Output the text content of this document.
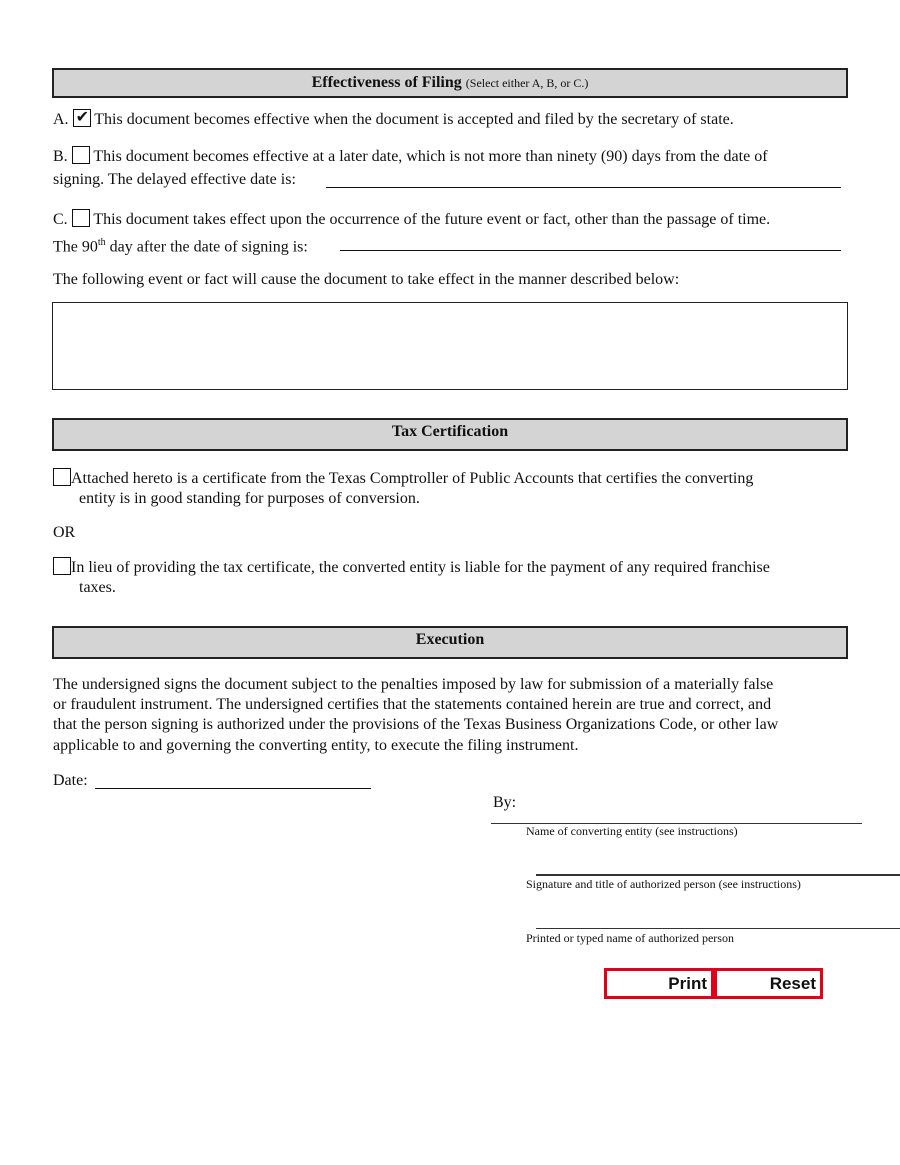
Effectiveness of Filing (Select either A, B, or C.)
A. ✔ This document becomes effective when the document is accepted and filed by the secretary of state.
B. This document becomes effective at a later date, which is not more than ninety (90) days from the date of
signing. The delayed effective date is:
C. This document takes effect upon the occurrence of the future event or fact, other than the passage of time.
The 90th day after the date of signing is:
The following event or fact will cause the document to take effect in the manner described below:
Tax Certification
Attached hereto is a certificate from the Texas Comptroller of Public Accounts that certifies the converting
entity is in good standing for purposes of conversion.
OR
In lieu of providing the tax certificate, the converted entity is liable for the payment of any required franchise
taxes.
Execution
The undersigned signs the document subject to the penalties imposed by law for submission of a materially false
or fraudulent instrument. The undersigned certifies that the statements contained herein are true and correct, and
that the person signing is authorized under the provisions of the Texas Business Organizations Code, or other law
applicable to and governing the converting entity, to execute the filing instrument.
Date:
By:
Name of converting entity (see instructions)
Signature and title of authorized person (see instructions)
Printed or typed name of authorized person
Print	Reset
